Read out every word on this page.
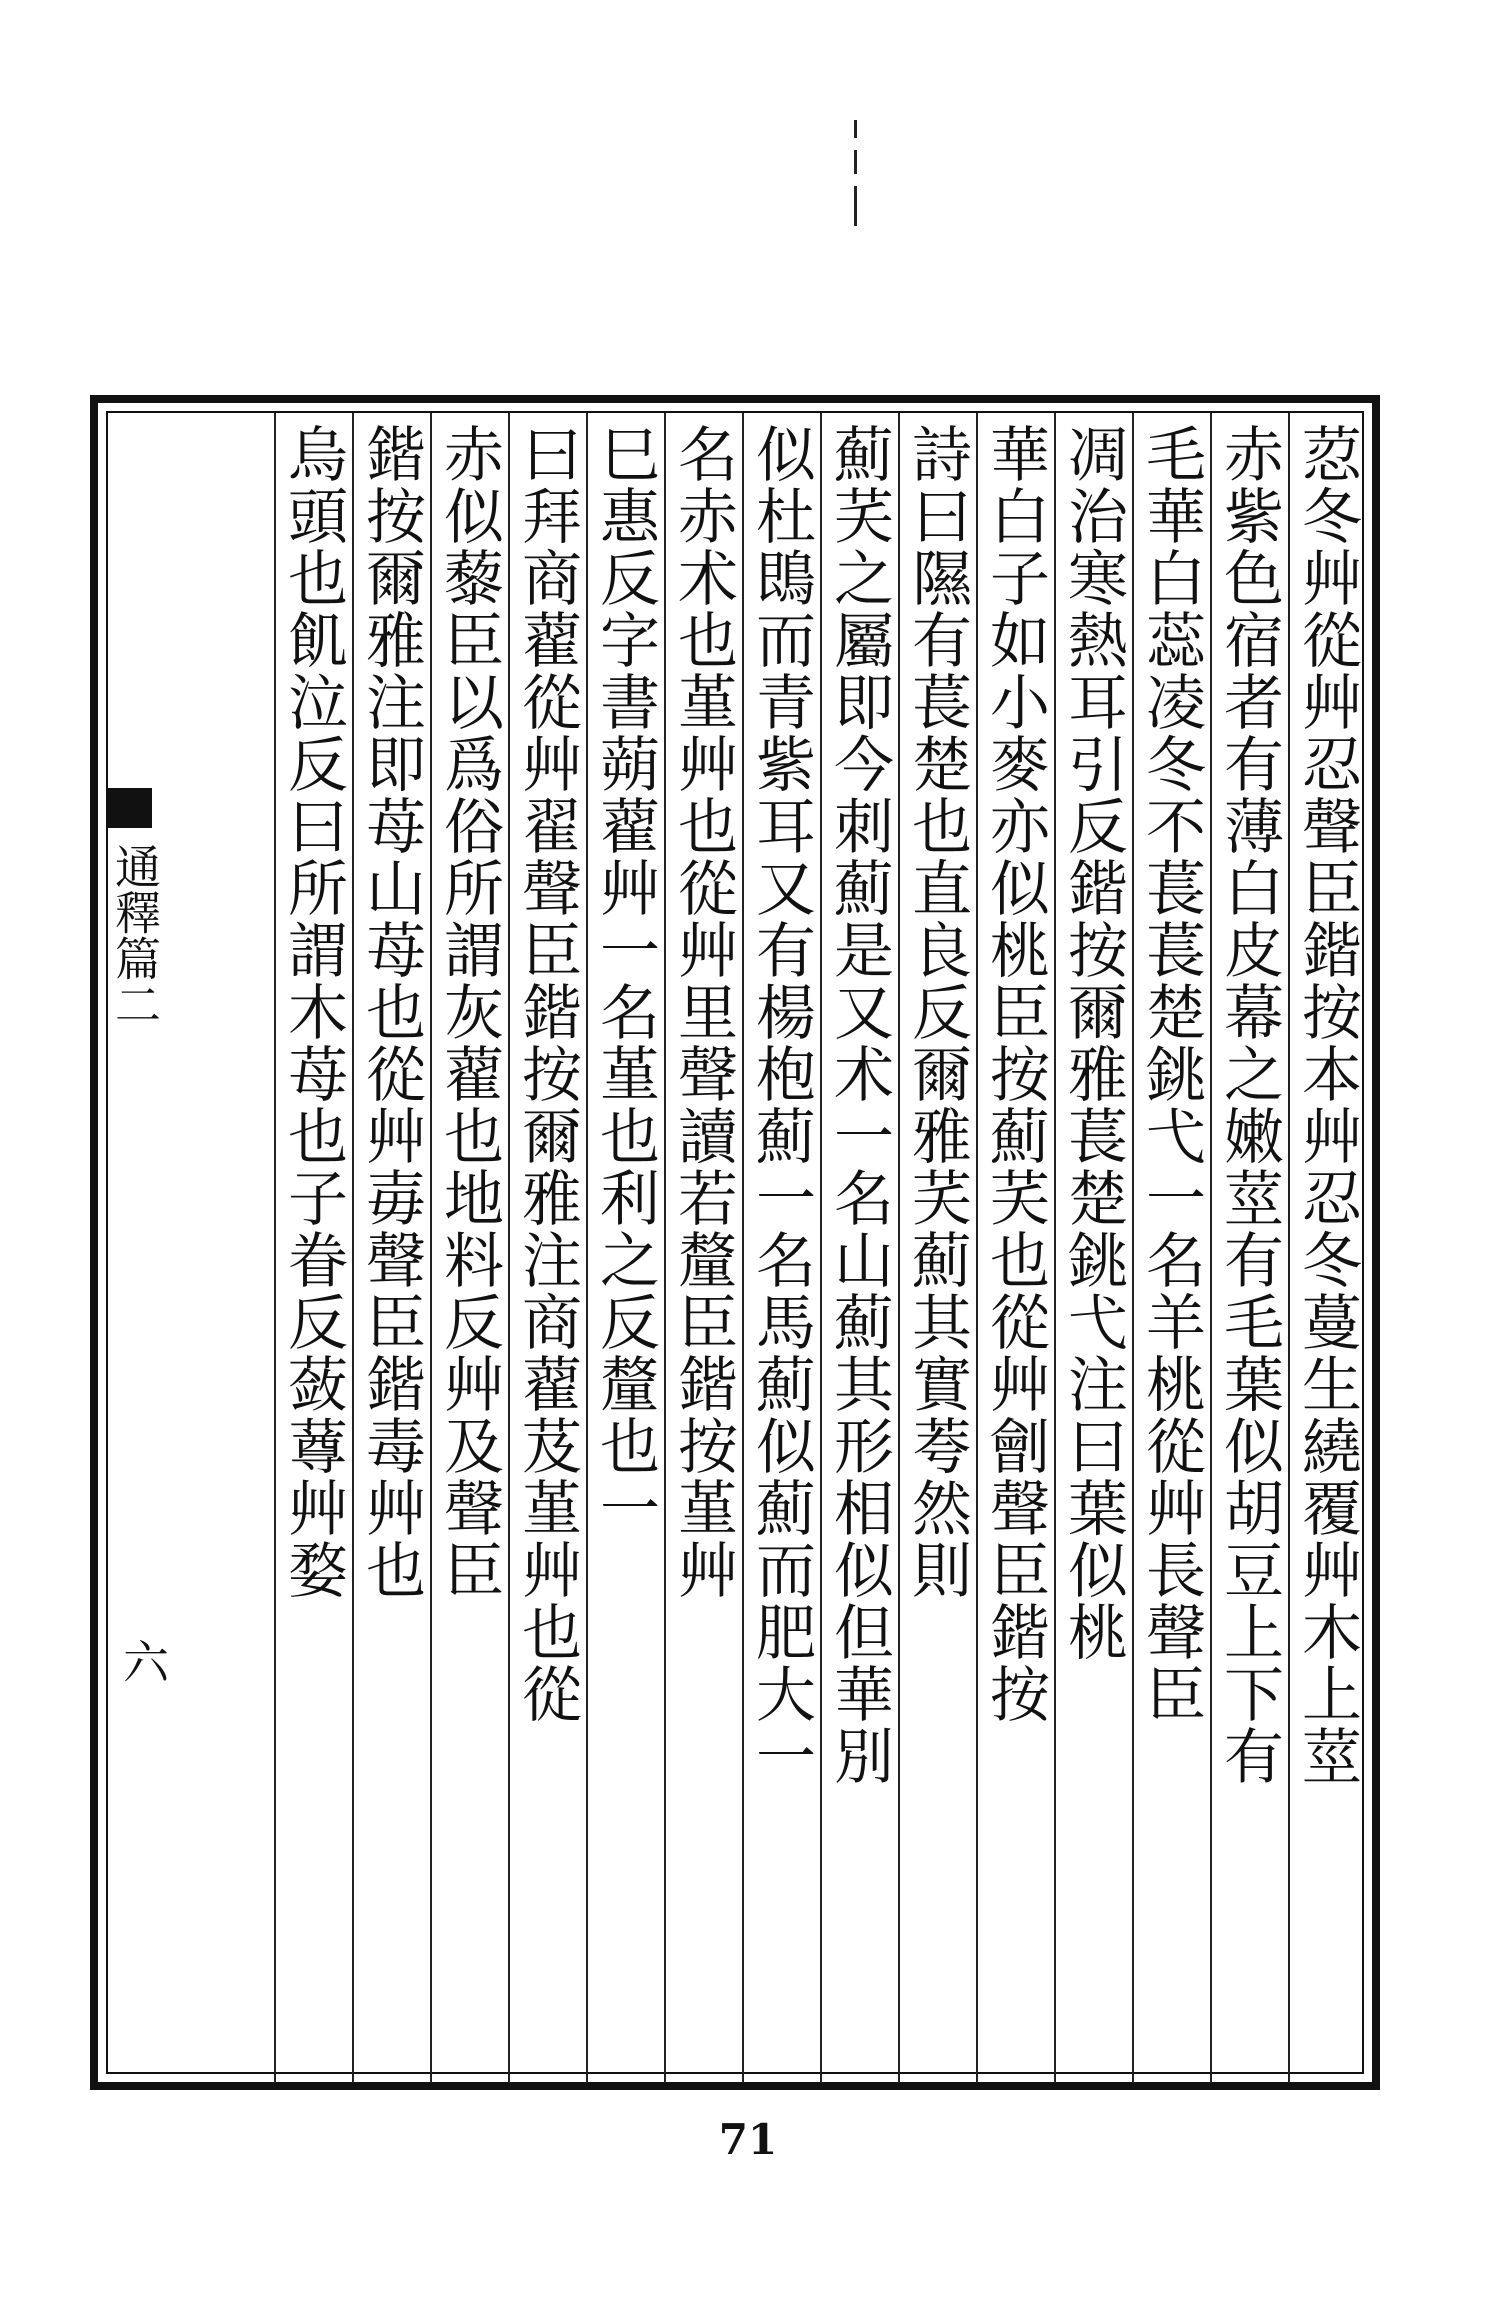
荵冬艸從艸忍聲臣鍇按本艸忍冬蔓生繞覆艸木上莖
赤紫色宿者有薄白皮幕之嫩莖有毛葉似胡豆上下有
毛華白蕊凌冬不萇萇楚銚弋一名羊桃從艸長聲臣
凋治寒熱耳引反鍇按爾雅萇楚銚弋注曰葉似桃
華白子如小麥亦似桃臣按薊芺也從艸劊聲臣鍇按
詩曰隰有萇楚也直良反爾雅芺薊其實荂然則
薊芺之屬即今刺薊是又术一名山薊其形相似但華別
似杜鵖而青紫耳又有楊枹薊一名馬薊似薊而肥大一
名赤术也堇艸也從艸里聲讀若釐臣鍇按堇艸
巳惠反字書蒴藋艸一名堇也利之反釐也一
曰拜商藋從艸翟聲臣鍇按爾雅注商藋芨堇艸也從
赤似藜臣以爲俗所謂灰藋也地料反艸及聲臣
鍇按爾雅注即苺山苺也從艸毐聲臣鍇毒艸也
烏頭也飢泣反曰所謂木苺也子眷反蔹䔿艸婺
通釋篇二
六
71
